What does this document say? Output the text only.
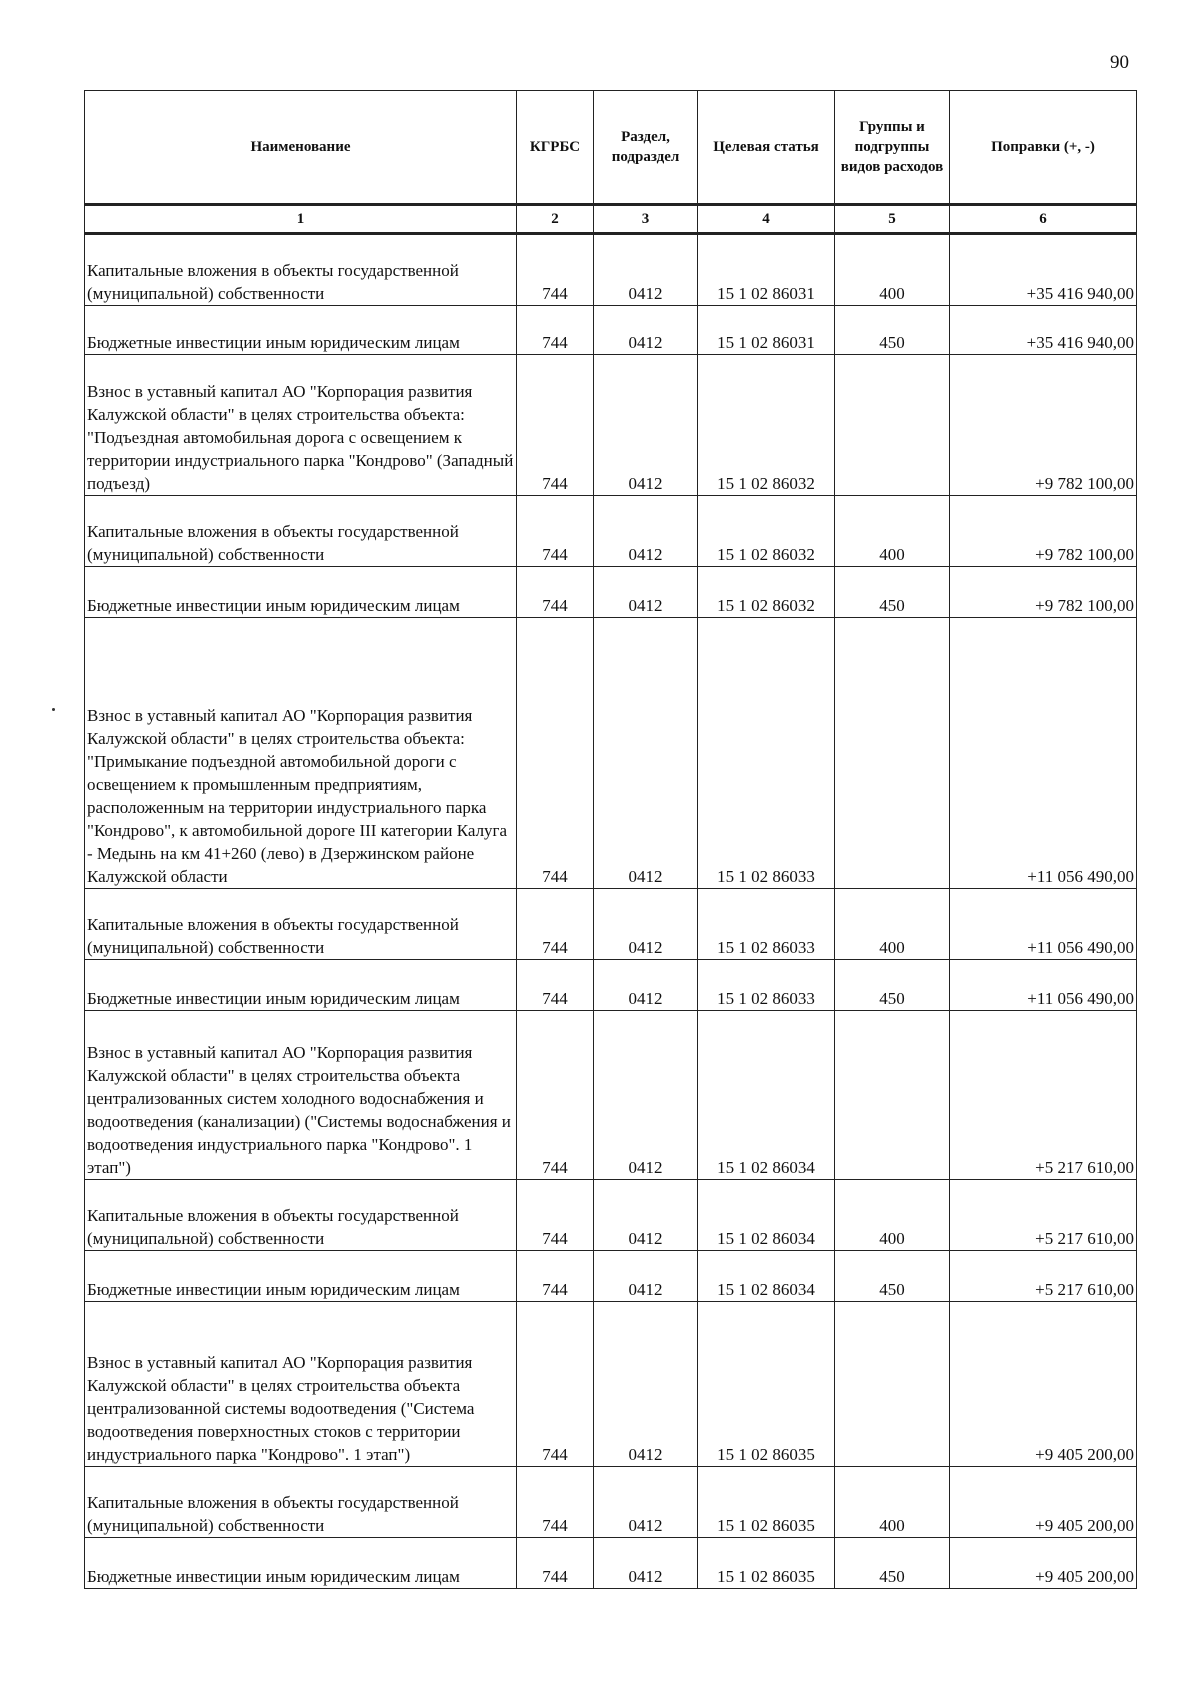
90
Наименование	КГРБС	Раздел, подраздел	Целевая статья	Группы и подгруппы видов расходов	Поправки (+, -)
1	2	3	4	5	6
Капитальные вложения в объекты государственной (муниципальной) собственности	744	0412	15 1 02 86031	400	+35 416 940,00
Бюджетные инвестиции иным юридическим лицам	744	0412	15 1 02 86031	450	+35 416 940,00
Взнос в уставный капитал АО "Корпорация развития Калужской области" в целях строительства объекта: "Подъездная автомобильная дорога с освещением к территории индустриального парка "Кондрово" (Западный подъезд)	744	0412	15 1 02 86032		+9 782 100,00
Капитальные вложения в объекты государственной (муниципальной) собственности	744	0412	15 1 02 86032	400	+9 782 100,00
Бюджетные инвестиции иным юридическим лицам	744	0412	15 1 02 86032	450	+9 782 100,00
Взнос в уставный капитал АО "Корпорация развития Калужской области" в целях строительства объекта: "Примыкание подъездной автомобильной дороги с освещением к промышленным предприятиям, расположенным на территории индустриального парка "Кондрово", к автомобильной дороге III категории Калуга - Медынь на км 41+260 (лево) в Дзержинском районе Калужской области	744	0412	15 1 02 86033		+11 056 490,00
Капитальные вложения в объекты государственной (муниципальной) собственности	744	0412	15 1 02 86033	400	+11 056 490,00
Бюджетные инвестиции иным юридическим лицам	744	0412	15 1 02 86033	450	+11 056 490,00
Взнос в уставный капитал АО "Корпорация развития Калужской области" в целях строительства объекта централизованных систем холодного водоснабжения и водоотведения (канализации) ("Системы водоснабжения и водоотведения индустриального парка "Кондрово". 1 этап")	744	0412	15 1 02 86034		+5 217 610,00
Капитальные вложения в объекты государственной (муниципальной) собственности	744	0412	15 1 02 86034	400	+5 217 610,00
Бюджетные инвестиции иным юридическим лицам	744	0412	15 1 02 86034	450	+5 217 610,00
Взнос в уставный капитал АО "Корпорация развития Калужской области" в целях строительства объекта централизованной системы водоотведения ("Система водоотведения поверхностных стоков с территории индустриального парка "Кондрово". 1 этап")	744	0412	15 1 02 86035		+9 405 200,00
Капитальные вложения в объекты государственной (муниципальной) собственности	744	0412	15 1 02 86035	400	+9 405 200,00
Бюджетные инвестиции иным юридическим лицам	744	0412	15 1 02 86035	450	+9 405 200,00
